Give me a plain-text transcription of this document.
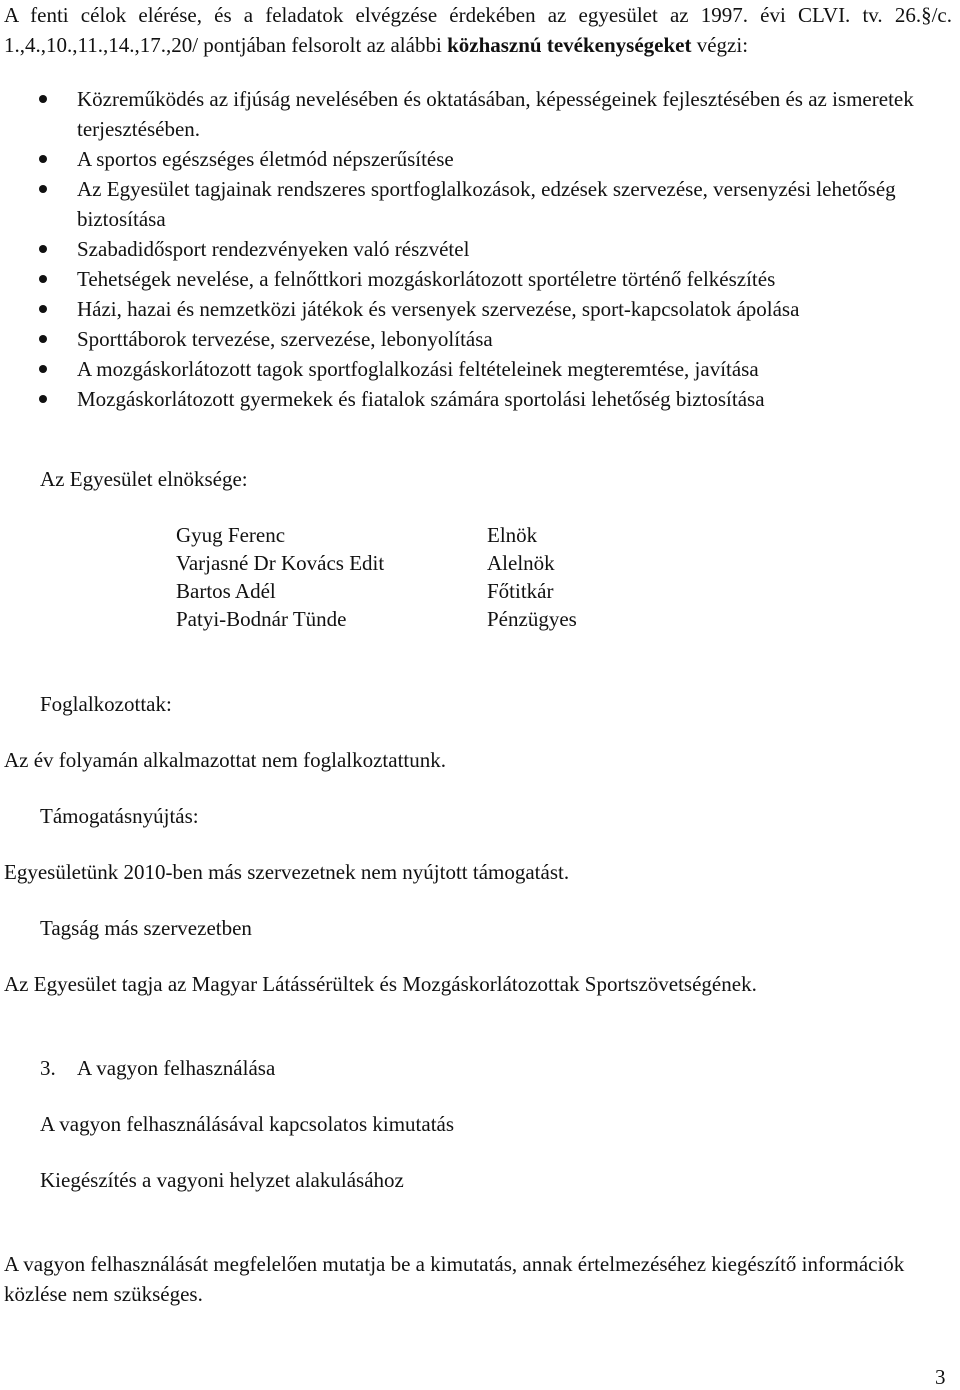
A fenti célok elérése, és a feladatok elvégzése érdekében az egyesület az 1997. évi CLVI. tv. 26.§/c. 1.,4.,10.,11.,14.,17.,20/ pontjában felsorolt az alábbi közhasznú tevékenységeket végzi:
Közreműködés az ifjúság nevelésében és oktatásában, képességeinek fejlesztésében és az ismeretek terjesztésében.
A sportos egészséges életmód népszerűsítése
Az Egyesület tagjainak rendszeres sportfoglalkozások, edzések szervezése, versenyzési lehetőség biztosítása
Szabadidősport rendezvényeken való részvétel
Tehetségek nevelése, a felnőttkori mozgáskorlátozott sportéletre történő felkészítés
Házi, hazai és nemzetközi játékok és versenyek szervezése, sport-kapcsolatok ápolása
Sporttáborok tervezése, szervezése, lebonyolítása
A mozgáskorlátozott tagok sportfoglalkozási feltételeinek megteremtése, javítása
Mozgáskorlátozott gyermekek és fiatalok számára sportolási lehetőség biztosítása
Az Egyesület elnöksége:
Gyug Ferenc	Elnök
Varjasné Dr Kovács Edit	Alelnök
Bartos Adél	Főtitkár
Patyi-Bodnár Tünde	Pénzügyes
Foglalkozottak:
Az év folyamán alkalmazottat nem foglalkoztattunk.
Támogatásnyújtás:
Egyesületünk 2010-ben más szervezetnek nem nyújtott támogatást.
Tagság más szervezetben
Az Egyesület tagja az Magyar Látássérültek és Mozgáskorlátozottak Sportszövetségének.
3. A vagyon felhasználása
A vagyon felhasználásával kapcsolatos kimutatás
Kiegészítés a vagyoni helyzet alakulásához
A vagyon felhasználását megfelelően mutatja be a kimutatás, annak értelmezéséhez kiegészítő információk közlése nem szükséges.
3
